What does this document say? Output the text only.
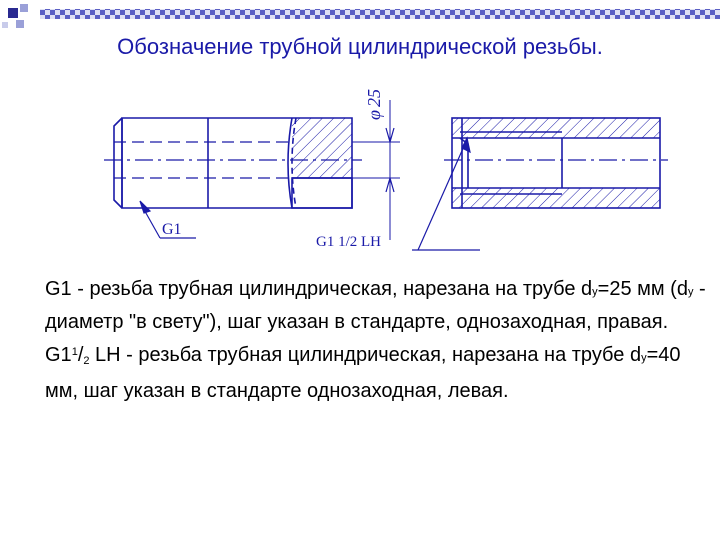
Обозначение трубной цилиндрической резьбы.
φ25
G1
G1 1/2 LH

G1 - резьба трубная цилиндрическая, нарезана на трубе dy=25 мм (dy - диаметр "в свету"), шаг указан в стандарте, однозаходная, правая.

$G1^1/2$ LH - резьба трубная цилиндрическая, нарезана на трубе dy=40 мм, шаг указан в стандарте однозаходная, левая.
